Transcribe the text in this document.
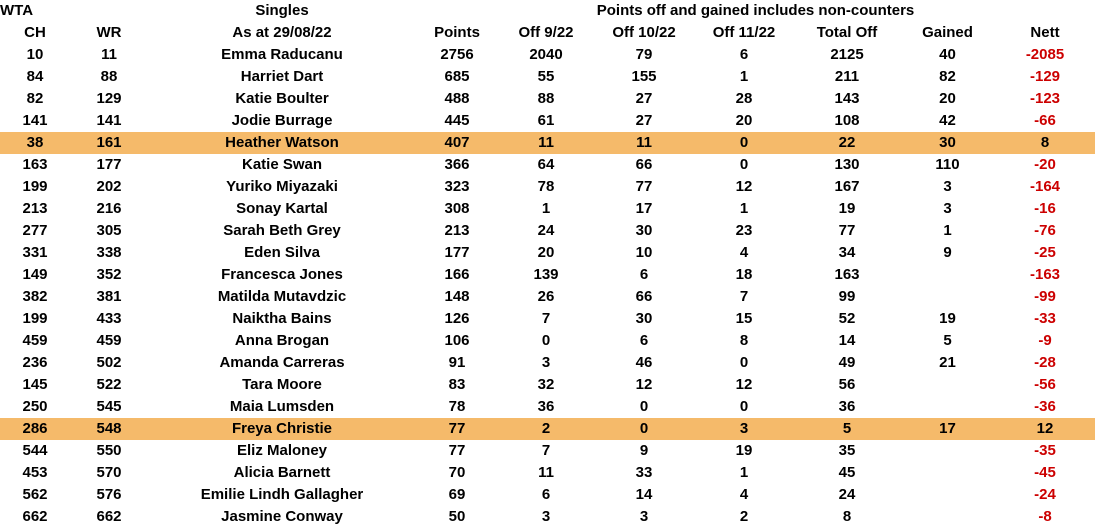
WTA		Singles	Points off and gained includes non-counters						
CH	WR	As at 29/08/22	Points	Off 9/22	Off 10/22	Off 11/22	Total Off	Gained	Nett
10	11	Emma Raducanu	2756	2040	79	6	2125	40	-2085
84	88	Harriet Dart	685	55	155	1	211	82	-129
82	129	Katie Boulter	488	88	27	28	143	20	-123
141	141	Jodie Burrage	445	61	27	20	108	42	-66
38	161	Heather Watson	407	11	11	0	22	30	8
163	177	Katie Swan	366	64	66	0	130	110	-20
199	202	Yuriko Miyazaki	323	78	77	12	167	3	-164
213	216	Sonay Kartal	308	1	17	1	19	3	-16
277	305	Sarah Beth Grey	213	24	30	23	77	1	-76
331	338	Eden Silva	177	20	10	4	34	9	-25
149	352	Francesca Jones	166	139	6	18	163		-163
382	381	Matilda Mutavdzic	148	26	66	7	99		-99
199	433	Naiktha Bains	126	7	30	15	52	19	-33
459	459	Anna Brogan	106	0	6	8	14	5	-9
236	502	Amanda Carreras	91	3	46	0	49	21	-28
145	522	Tara Moore	83	32	12	12	56		-56
250	545	Maia Lumsden	78	36	0	0	36		-36
286	548	Freya Christie	77	2	0	3	5	17	12
544	550	Eliz Maloney	77	7	9	19	35		-35
453	570	Alicia Barnett	70	11	33	1	45		-45
562	576	Emilie Lindh Gallagher	69	6	14	4	24		-24
662	662	Jasmine Conway	50	3	3	2	8		-8
